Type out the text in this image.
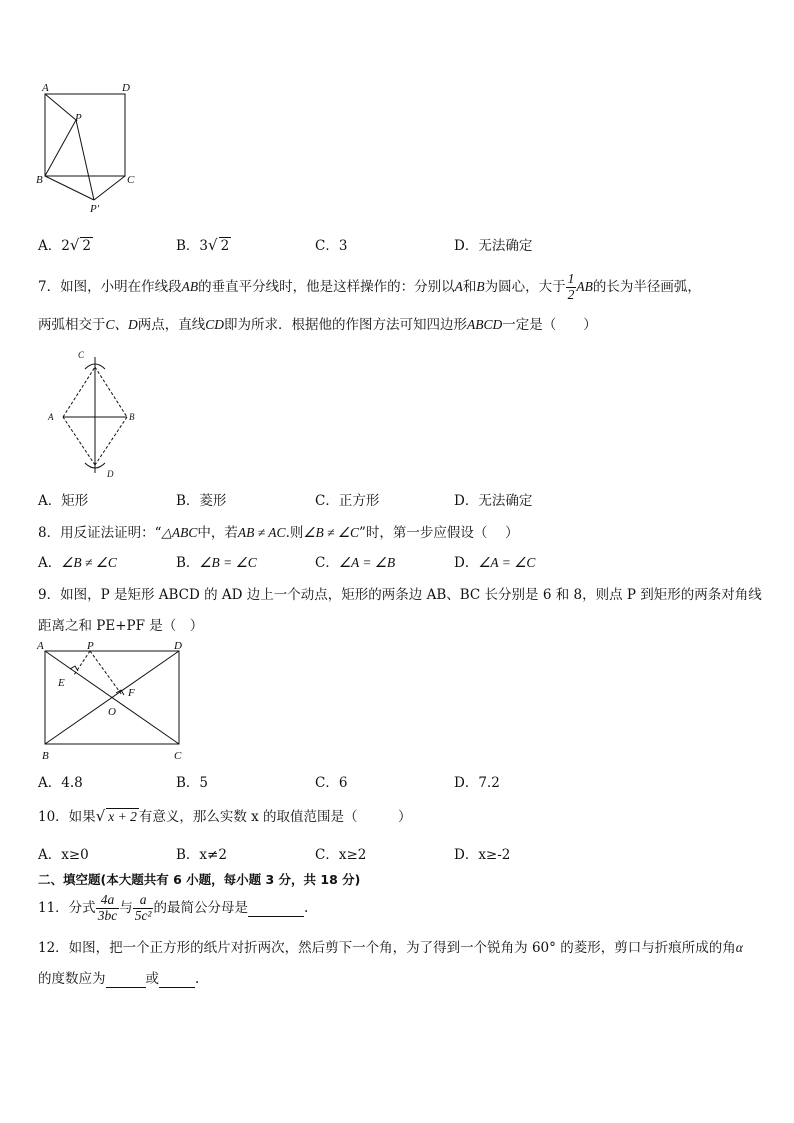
A	D
P
B	C
P′
A．2√ 2	B．3√ 2	C．3	D．无法确定
7．如图，小明在作线段AB的垂直平分线时，他是这样操作的：分别以A和B为圆心，大于 $\frac{1}{2}$ AB的长为半径画弧，
两弧相交于C、D两点，直线CD即为所求．根据他的作图方法可知四边形ABCD一定是（　　）
C
A	B
D
A．矩形	B．菱形	C．正方形	D．无法确定
8．用反证法证明：“△ABC中，若AB ≠ AC.则∠B ≠ ∠C”时，第一步应假设（　 ）
A．∠B ≠ ∠C	B．∠B = ∠C	C．∠A = ∠B	D．∠A = ∠C
9．如图，P 是矩形 ABCD 的 AD 边上一个动点，矩形的两条边 AB、BC 长分别是 6 和 8，则点 P 到矩形的两条对角线
距离之和 PE+PF 是（　）
A	P	D
E
F
O
B	C
A．4.8	B．5	C．6	D．7.2
10．如果√ x + 2 有意义，那么实数 x 的取值范围是（　　　）
A．x≥0	B．x≠2	C．x≥2	D．x≥-2
二、填空题(本大题共有 6 小题，每小题 3 分，共 18 分)
11．分式 $\frac{4a}{3bc}$ 与 $\frac{a}{\text{5c²}}$ 的最简公分母是	.
12．如图，把一个正方形的纸片对折两次，然后剪下一个角，为了得到一个锐角为 60° 的菱形，剪口与折痕所成的角α
的度数应为	或	.
